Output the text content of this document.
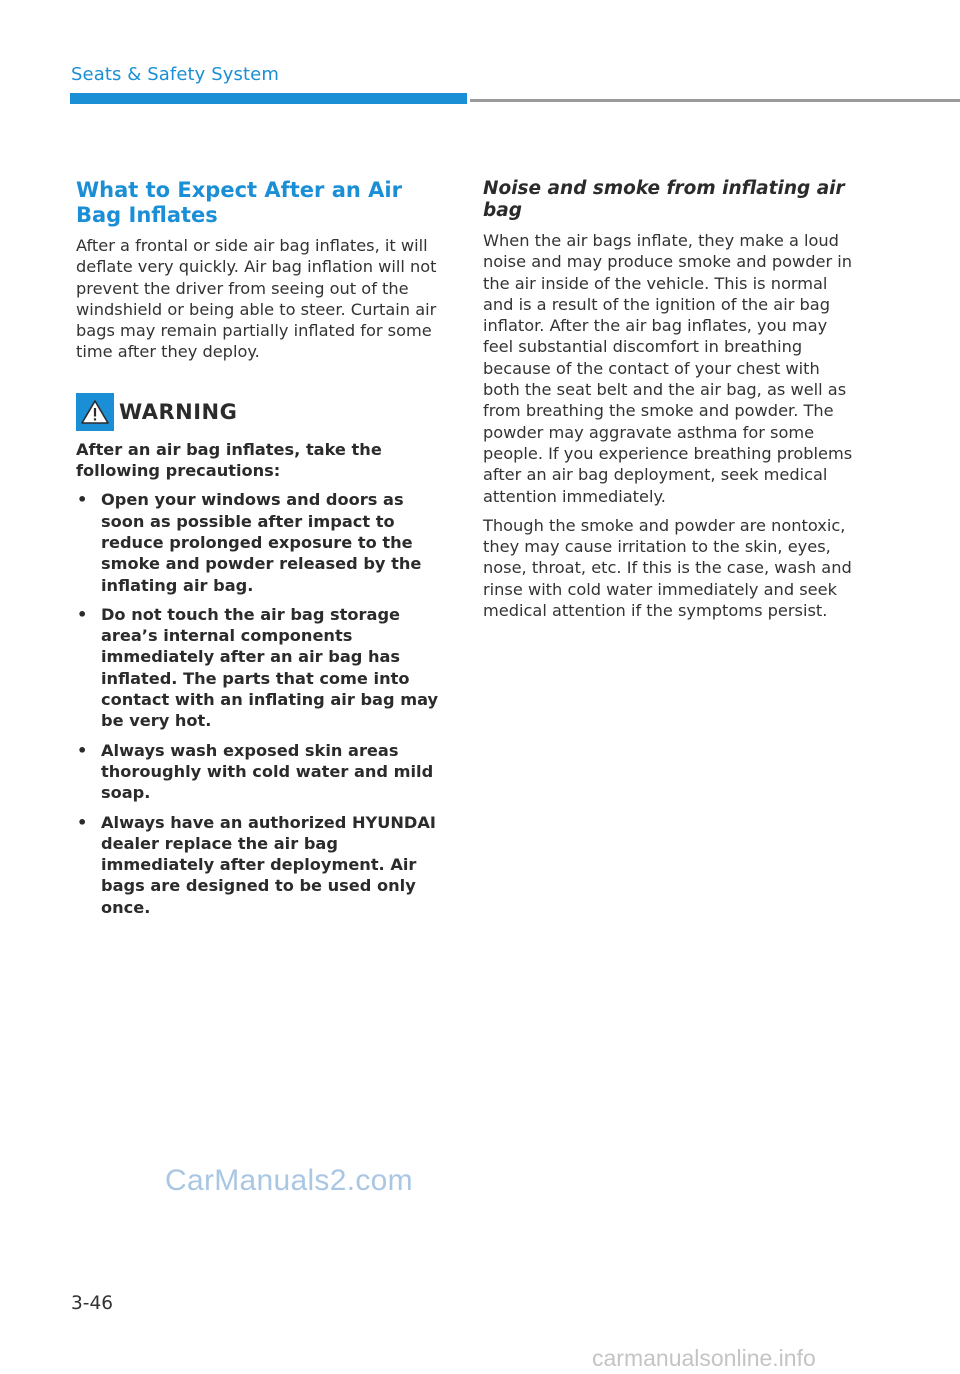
Seats & Safety System
What to Expect After an Air Bag Inflates

After a frontal or side air bag inflates, it will deflate very quickly. Air bag inflation will not prevent the driver from seeing out of the windshield or being able to steer. Curtain air bags may remain partially inflated for some time after they deploy.

WARNING

After an air bag inflates, take the following precautions:

• Open your windows and doors as soon as possible after impact to reduce prolonged exposure to the smoke and powder released by the inflating air bag.
• Do not touch the air bag storage area’s internal components immediately after an air bag has inflated. The parts that come into contact with an inflating air bag may be very hot.
• Always wash exposed skin areas thoroughly with cold water and mild soap.
• Always have an authorized HYUNDAI dealer replace the air bag immediately after deployment. Air bags are designed to be used only once.
Noise and smoke from inflating air bag

When the air bags inflate, they make a loud noise and may produce smoke and powder in the air inside of the vehicle. This is normal and is a result of the ignition of the air bag inflator. After the air bag inflates, you may feel substantial discomfort in breathing because of the contact of your chest with both the seat belt and the air bag, as well as from breathing the smoke and powder. The powder may aggravate asthma for some people. If you experience breathing problems after an air bag deployment, seek medical attention immediately.

Though the smoke and powder are nontoxic, they may cause irritation to the skin, eyes, nose, throat, etc. If this is the case, wash and rinse with cold water immediately and seek medical attention if the symptoms persist.

CarManuals2.com
3-46
carmanualsonline.info
